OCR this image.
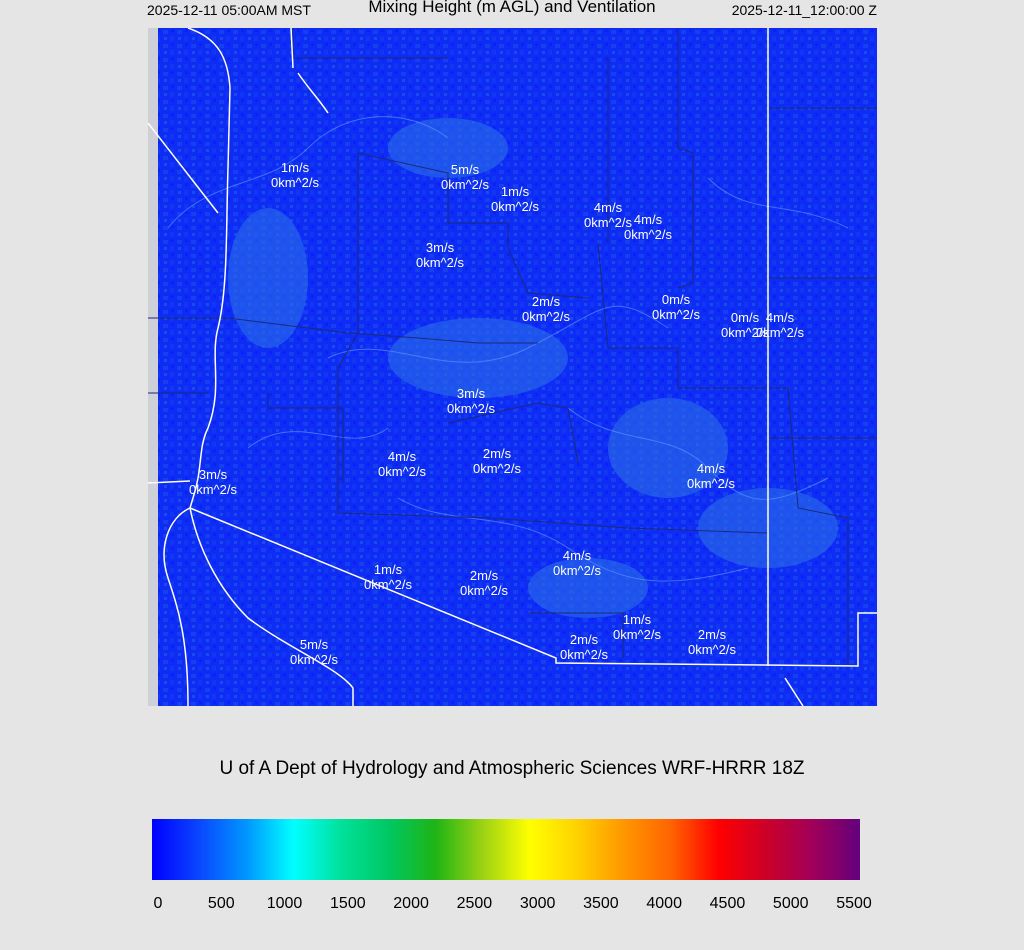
2025-12-11 05:00AM MST	Mixing Height (m AGL) and Ventilation	2025-12-11_12:00:00 Z
1m/s
0km^2/s
5m/s
0km^2/s 1m/s
0km^2/s	4m/s
0km^2/s 4m/s
0km^2/s
3m/s
0km^2/s
2m/s
0km^2/s
0m/s
0km^2/s	0m/s
0km^2/s
4m/s
0km^2/s
3m/s
0km^2/s
4m/s
0km^2/s
2m/s
0km^2/s	4m/s
0km^2/s
3m/s
0km^2/s
4m/s
0km^2/s
1m/s
0km^2/s
2m/s
0km^2/s
1m/s
0km^2/s
2m/s
0km^2/s
2m/s
0km^2/s
5m/s
0km^2/s
U of A Dept of Hydrology and Atmospheric Sciences WRF-HRRR 18Z
0	500 1000 1500 2000 2500 3000 3500 4000 4500 5000 5500
